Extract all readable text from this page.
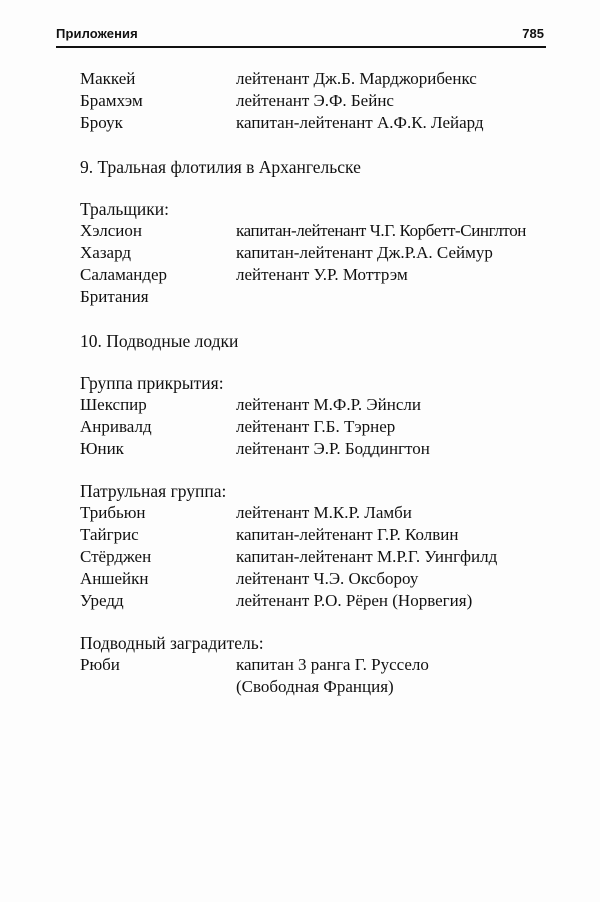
Приложения	785
Маккей	лейтенант Дж.Б. Марджорибенкс
Брамхэм	лейтенант Э.Ф. Бейнс
Броук	капитан-лейтенант А.Ф.К. Лейард
9. Тральная флотилия в Архангельске
Тральщики:
Хэлсион	капитан-лейтенант Ч.Г. Корбетт-Синглтон
Хазард	капитан-лейтенант Дж.Р.А. Сеймур
Саламандер	лейтенант У.Р. Моттрэм
Британия
10. Подводные лодки
Группа прикрытия:
Шекспир	лейтенант М.Ф.Р. Эйнсли
Анривалд	лейтенант Г.Б. Тэрнер
Юник	лейтенант Э.Р. Боддингтон
Патрульная группа:
Трибьюн	лейтенант М.К.Р. Ламби
Тайгрис	капитан-лейтенант Г.Р. Колвин
Стёрджен	капитан-лейтенант М.Р.Г. Уингфилд
Аншейкн	лейтенант Ч.Э. Оксбороу
Уредд	лейтенант Р.О. Рёрен (Норвегия)
Подводный заградитель:
Рюби	капитан 3 ранга Г. Руссело
(Свободная Франция)
